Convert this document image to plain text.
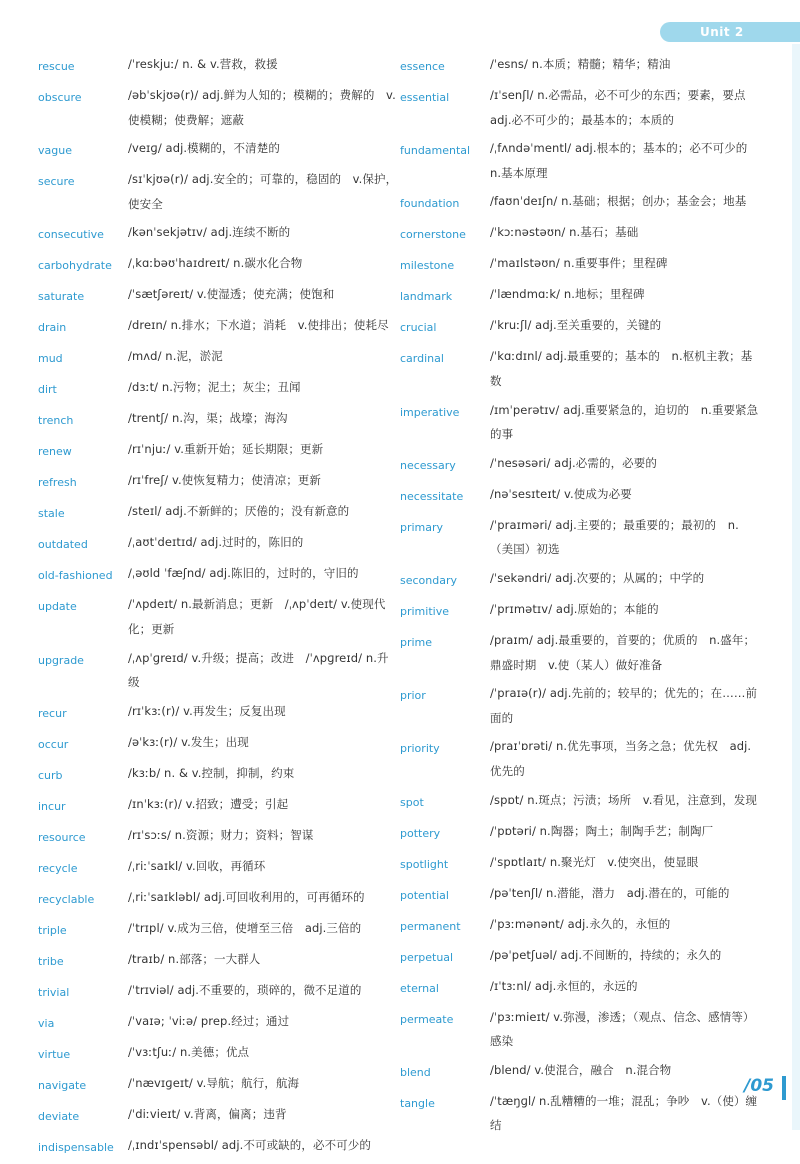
Unit 2
rescue	/ˈreskjuː/ n. & v.营救，救援
obscure	/əbˈskjʊə(r)/ adj.鲜为人知的；模糊的；费解的　v.使模糊；使费解；遮蔽
vague	/veɪɡ/ adj.模糊的，不清楚的
secure	/sɪˈkjʊə(r)/ adj.安全的；可靠的，稳固的　v.保护，使安全
consecutive	/kənˈsekjətɪv/ adj.连续不断的
carbohydrate	/ˌkɑːbəʊˈhaɪdreɪt/ n.碳水化合物
saturate	/ˈsætʃəreɪt/ v.使湿透；使充满；使饱和
drain	/dreɪn/ n.排水；下水道；消耗　v.使排出；使耗尽
mud	/mʌd/ n.泥，淤泥
dirt	/dɜːt/ n.污物；泥土；灰尘；丑闻
trench	/trentʃ/ n.沟，渠；战壕；海沟
renew	/rɪˈnjuː/ v.重新开始；延长期限；更新
refresh	/rɪˈfreʃ/ v.使恢复精力；使清凉；更新
stale	/steɪl/ adj.不新鲜的；厌倦的；没有新意的
outdated	/ˌaʊtˈdeɪtɪd/ adj.过时的，陈旧的
old-fashioned	/ˌəʊld ˈfæʃnd/ adj.陈旧的，过时的，守旧的
update	/ˈʌpdeɪt/ n.最新消息；更新　/ˌʌpˈdeɪt/ v.使现代化；更新
upgrade	/ˌʌpˈɡreɪd/ v.升级；提高；改进　/ˈʌpɡreɪd/ n.升级
recur	/rɪˈkɜː(r)/ v.再发生；反复出现
occur	/əˈkɜː(r)/ v.发生；出现
curb	/kɜːb/ n. & v.控制，抑制，约束
incur	/ɪnˈkɜː(r)/ v.招致；遭受；引起
resource	/rɪˈsɔːs/ n.资源；财力；资料；智谋
recycle	/ˌriːˈsaɪkl/ v.回收，再循环
recyclable	/ˌriːˈsaɪkləbl/ adj.可回收利用的，可再循环的
triple	/ˈtrɪpl/ v.成为三倍，使增至三倍　adj.三倍的
tribe	/traɪb/ n.部落；一大群人
trivial	/ˈtrɪviəl/ adj.不重要的，琐碎的，微不足道的
via	/ˈvaɪə; ˈviːə/ prep.经过；通过
virtue	/ˈvɜːtʃuː/ n.美德；优点
navigate	/ˈnævɪɡeɪt/ v.导航；航行，航海
deviate	/ˈdiːvieɪt/ v.背离，偏离；违背
indispensable	/ˌɪndɪˈspensəbl/ adj.不可或缺的，必不可少的
essence	/ˈesns/ n.本质；精髓；精华；精油
essential	/ɪˈsenʃl/ n.必需品，必不可少的东西；要素，要点　adj.必不可少的；最基本的；本质的
fundamental	/ˌfʌndəˈmentl/ adj.根本的；基本的；必不可少的　n.基本原理
foundation	/faʊnˈdeɪʃn/ n.基础；根据；创办；基金会；地基
cornerstone	/ˈkɔːnəstəʊn/ n.基石；基础
milestone	/ˈmaɪlstəʊn/ n.重要事件；里程碑
landmark	/ˈlændmɑːk/ n.地标；里程碑
crucial	/ˈkruːʃl/ adj.至关重要的，关键的
cardinal	/ˈkɑːdɪnl/ adj.最重要的；基本的　n.枢机主教；基数
imperative	/ɪmˈperətɪv/ adj.重要紧急的，迫切的　n.重要紧急的事
necessary	/ˈnesəsəri/ adj.必需的，必要的
necessitate	/nəˈsesɪteɪt/ v.使成为必要
primary	/ˈpraɪməri/ adj.主要的；最重要的；最初的　n.（美国）初选
secondary	/ˈsekəndri/ adj.次要的；从属的；中学的
primitive	/ˈprɪmətɪv/ adj.原始的；本能的
prime	/praɪm/ adj.最重要的，首要的；优质的　n.盛年；鼎盛时期　v.使（某人）做好准备
prior	/ˈpraɪə(r)/ adj.先前的；较早的；优先的；在……前面的
priority	/praɪˈɒrəti/ n.优先事项，当务之急；优先权　adj.优先的
spot	/spɒt/ n.斑点；污渍；场所　v.看见，注意到，发现
pottery	/ˈpɒtəri/ n.陶器；陶土；制陶手艺；制陶厂
spotlight	/ˈspɒtlaɪt/ n.聚光灯　v.使突出，使显眼
potential	/pəˈtenʃl/ n.潜能，潜力　adj.潜在的，可能的
permanent	/ˈpɜːmənənt/ adj.永久的，永恒的
perpetual	/pəˈpetʃuəl/ adj.不间断的，持续的；永久的
eternal	/ɪˈtɜːnl/ adj.永恒的，永远的
permeate	/ˈpɜːmieɪt/ v.弥漫，渗透；（观点、信念、感情等）感染
blend	/blend/ v.使混合，融合　n.混合物
tangle	/ˈtæŋɡl/ n.乱糟糟的一堆；混乱；争吵　v.（使）缠结
/05
